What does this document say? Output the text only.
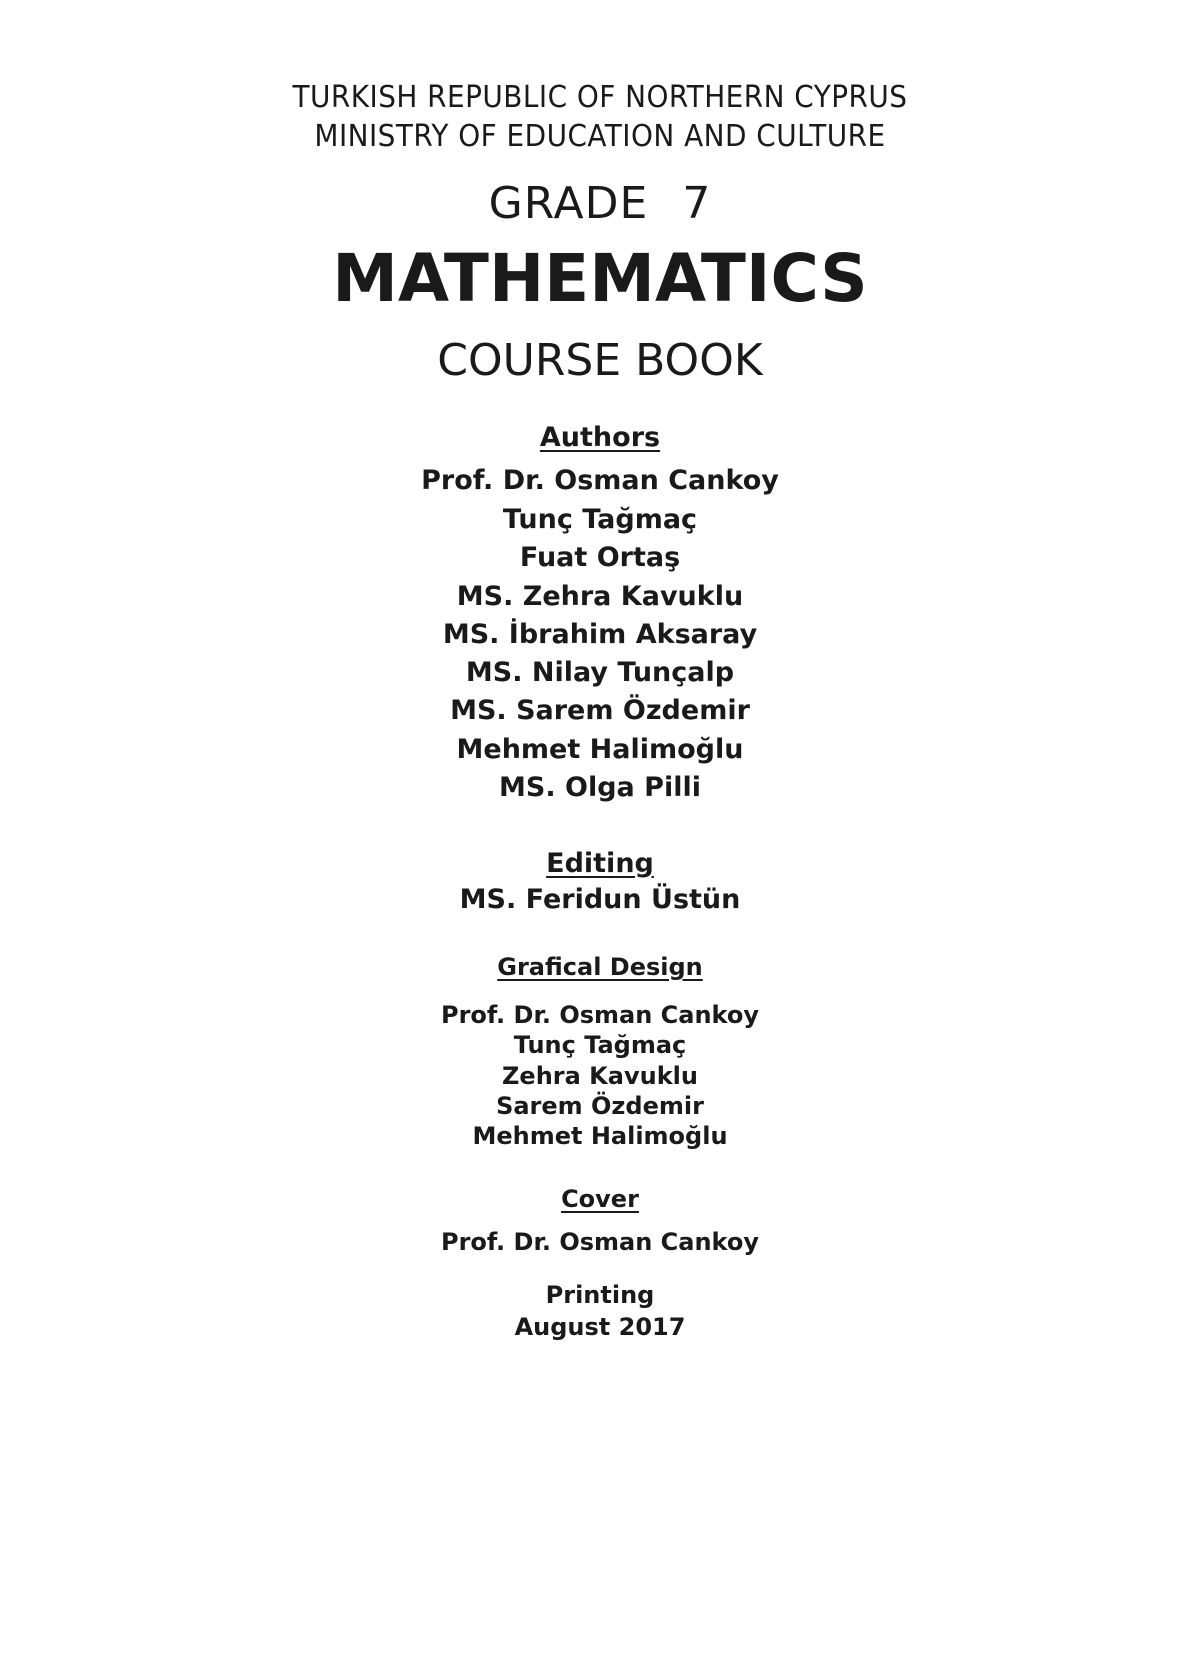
TURKISH REPUBLIC OF NORTHERN CYPRUS
MINISTRY OF EDUCATION AND CULTURE
GRADE 7
MATHEMATICS
COURSE BOOK
Authors
Prof. Dr. Osman Cankoy
Tunç Tağmaç
Fuat Ortaş
MS. Zehra Kavuklu
MS. İbrahim Aksaray
MS. Nilay Tunçalp
MS. Sarem Özdemir
Mehmet Halimoğlu
MS. Olga Pilli
Editing
MS. Feridun Üstün
Grafical Design
Prof. Dr. Osman Cankoy
Tunç Tağmaç
Zehra Kavuklu
Sarem Özdemir
Mehmet Halimoğlu
Cover
Prof. Dr. Osman Cankoy
Printing
August 2017
